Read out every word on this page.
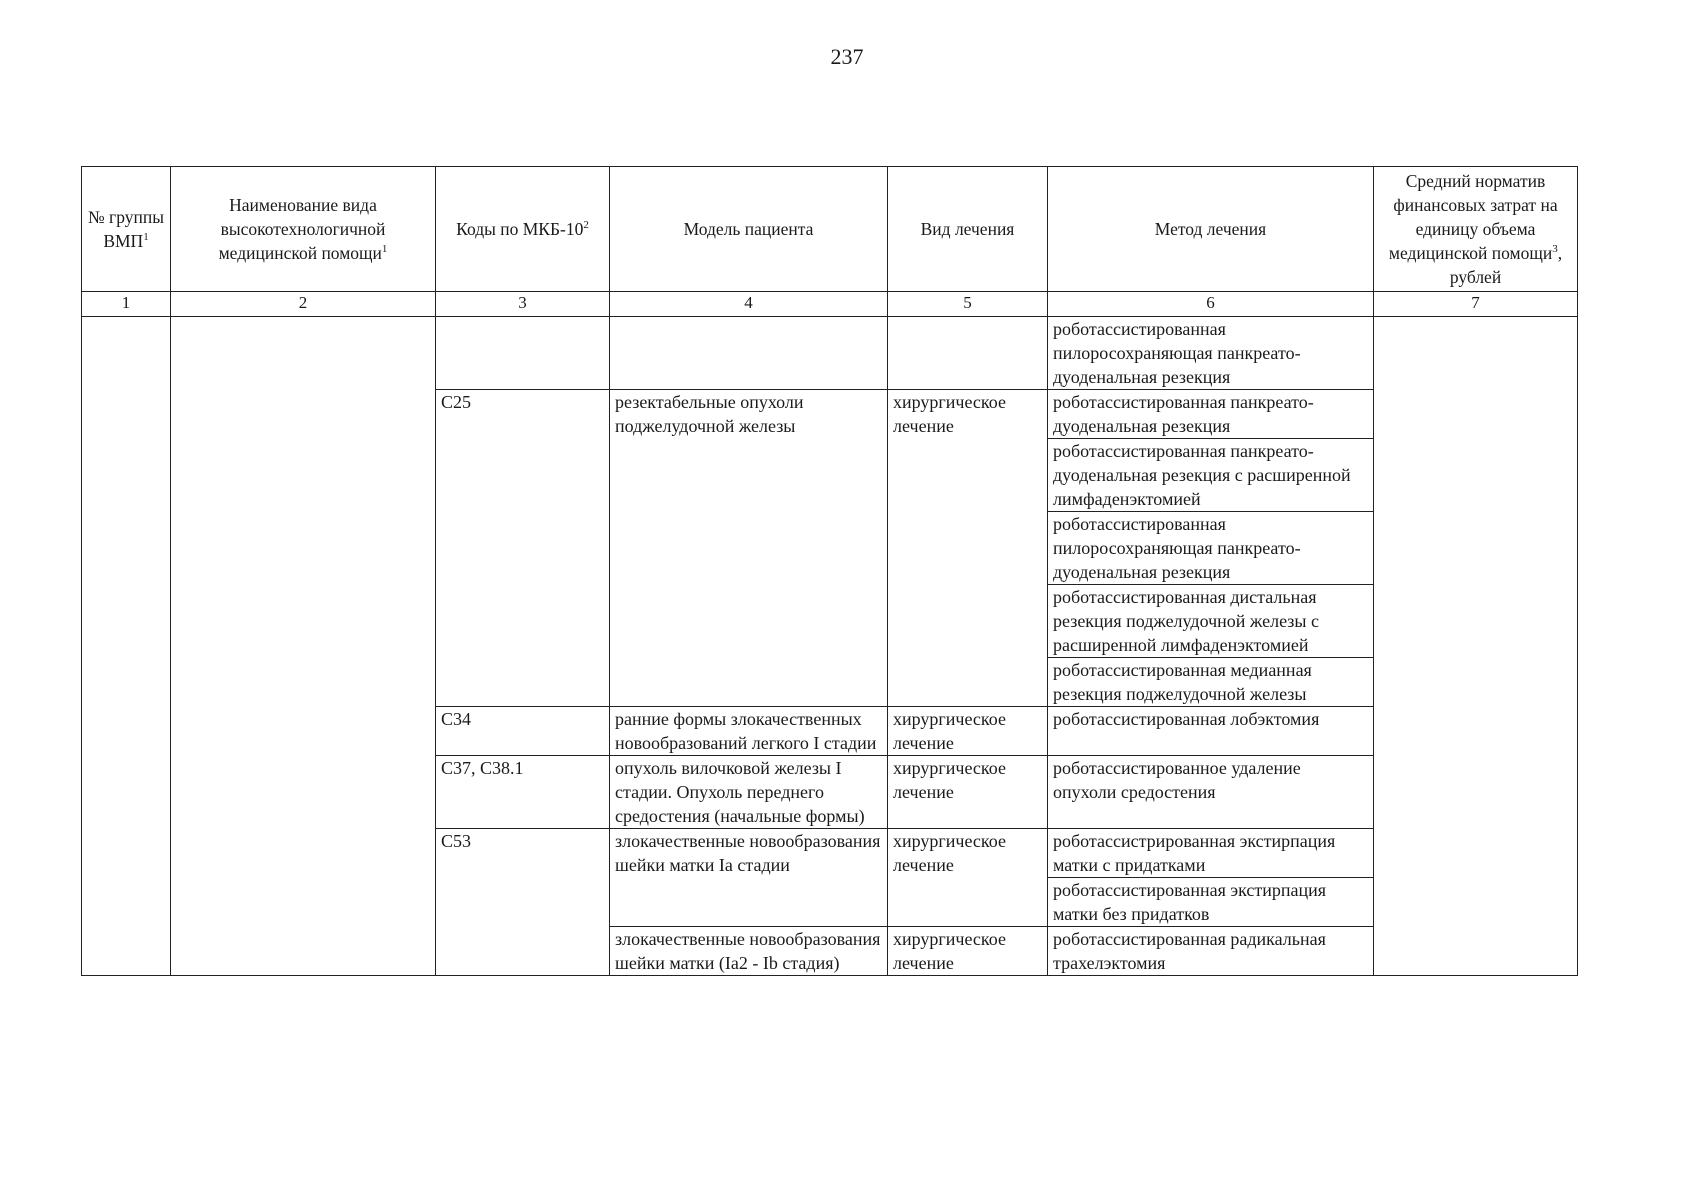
237
№ группы ВМП$^1$	Наименование вида высокотехнологичной медицинской помощи$^1$	Коды по МКБ-$10^2$	Модель пациента	Вид лечения	Метод лечения	Средний норматив финансовых затрат на единицу объема медицинской помощи$^3$, рублей
1	2	3	4	5	6	7

					роботассистированная пилоросохраняющая панкреато-дуоденальная резекция	

		С25	резектабельные опухоли поджелудочной железы	хирургическое лечение	роботассистированная панкреато-дуоденальная резекция
роботассистированная панкреато-дуоденальная резекция с расширенной лимфаденэктомией
роботассистированная пилоросохраняющая панкреато-дуоденальная резекция
роботассистированная дистальная резекция поджелудочной железы с расширенной лимфаденэктомией
роботассистированная медианная резекция поджелудочной железы	

		С34	ранние формы злокачественных новообразований легкого I стадии	хирургическое лечение	роботассистированная лобэктомия	

		С37, С38.1	опухоль вилочковой железы I стадии. Опухоль переднего средостения (начальные формы)	хирургическое лечение	роботассистированное удаление опухоли средостения	

		С53	злокачественные новообразования шейки матки Ia стадии	хирургическое лечение	роботассистрированная экстирпация матки с придатками
роботассистированная экстирпация матки без придатков	

			злокачественные новообразования шейки матки (Ia2 - Ib стадия)	хирургическое лечение	роботассистированная радикальная трахелэктомия	
